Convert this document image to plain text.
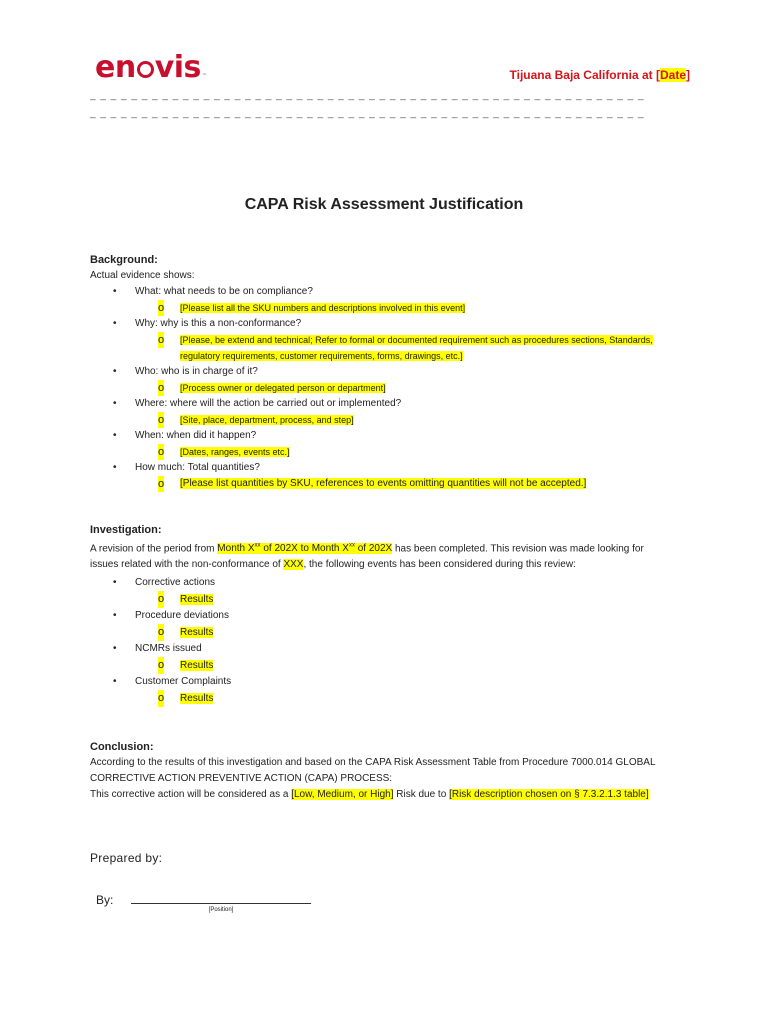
en vis™	Tijuana Baja California at [Date]
_ _ _ _ _ _ _ _ _ _ _ _ _ _ _ _ _ _ _ _ _ _ _ _ _ _ _ _ _ _ _ _ _ _ _ _ _ _ _ _ _ _ _ _ _ _ _ _ _ _ _ _ _ _
_ _ _ _ _ _ _ _ _ _ _ _ _ _ _ _ _ _ _ _ _ _ _ _ _ _ _ _ _ _ _ _ _ _ _ _ _ _ _ _ _ _ _ _ _ _ _ _ _ _ _ _ _ _
CAPA Risk Assessment Justification
Background:
Actual evidence shows:
• What: what needs to be on compliance?
o [Please list all the SKU numbers and descriptions involved in this event]
• Why: why is this a non-conformance?
o [Please, be extend and technical; Refer to formal or documented requirement such as procedures sections, Standards,
regulatory requirements, customer requirements, forms, drawings, etc.]
• Who: who is in charge of it?
o [Process owner or delegated person or department]
• Where: where will the action be carried out or implemented?
o [Site, place, department, process, and step]
• When: when did it happen?
o [Dates, ranges, events etc.]
• How much: Total quantities?
o [Please list quantities by SKU, references to events omitting quantities will not be accepted.]
Investigation:
A revision of the period from Month $X^{xx}$ of 202X to Month $X^{xx}$ of 202X has been completed. This revision was made looking for
issues related with the non-conformance of XXX, the following events has been considered during this review:
• Corrective actions
o Results
• Procedure deviations
o Results
• NCMRs issued
o Results
• Customer Complaints
o Results
Conclusion:
According to the results of this investigation and based on the CAPA Risk Assessment Table from Procedure 7000.014 GLOBAL
CORRECTIVE ACTION PREVENTIVE ACTION (CAPA) PROCESS:
This corrective action will be considered as a [Low, Medium, or High] Risk due to [Risk description chosen on § 7.3.2.1.3 table]
Prepared by:
By:
[Position]
